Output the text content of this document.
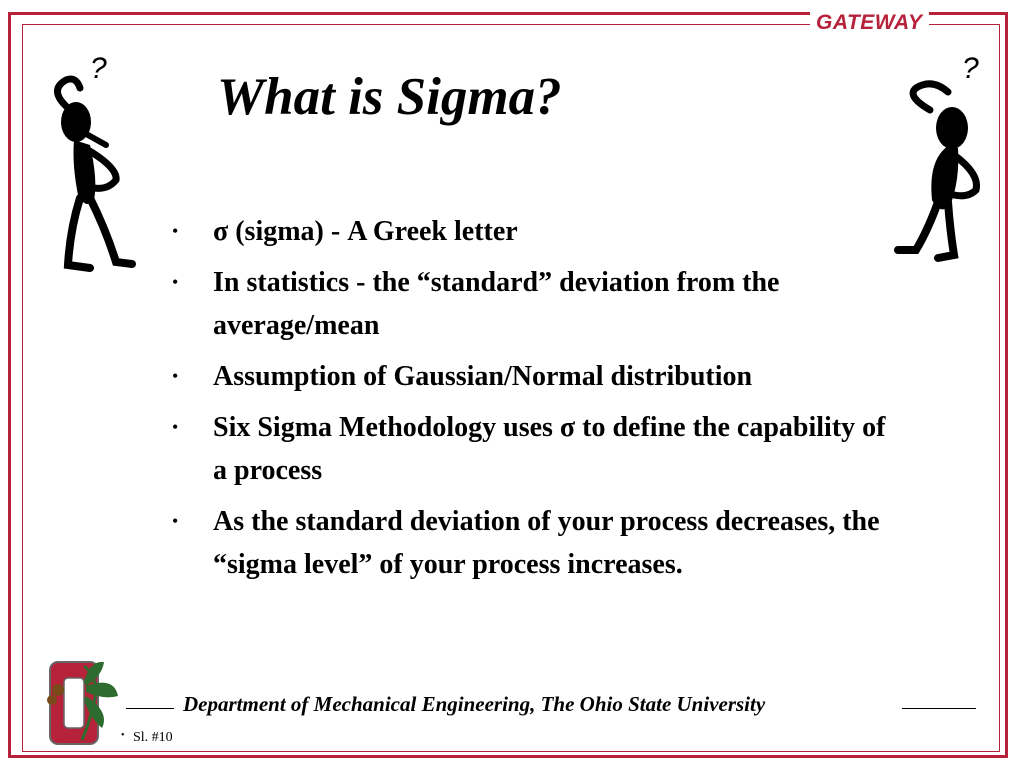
GATEWAY
?	?
What is Sigma?
• σ (sigma) - A Greek letter
• In statistics - the “standard” deviation from the average/mean
• Assumption of Gaussian/Normal distribution
• Six Sigma Methodology uses σ to define the capability of a process
• As the standard deviation of your process decreases, the “sigma level” of your process increases.
Department of Mechanical Engineering, The Ohio State University
• Sl. #10
